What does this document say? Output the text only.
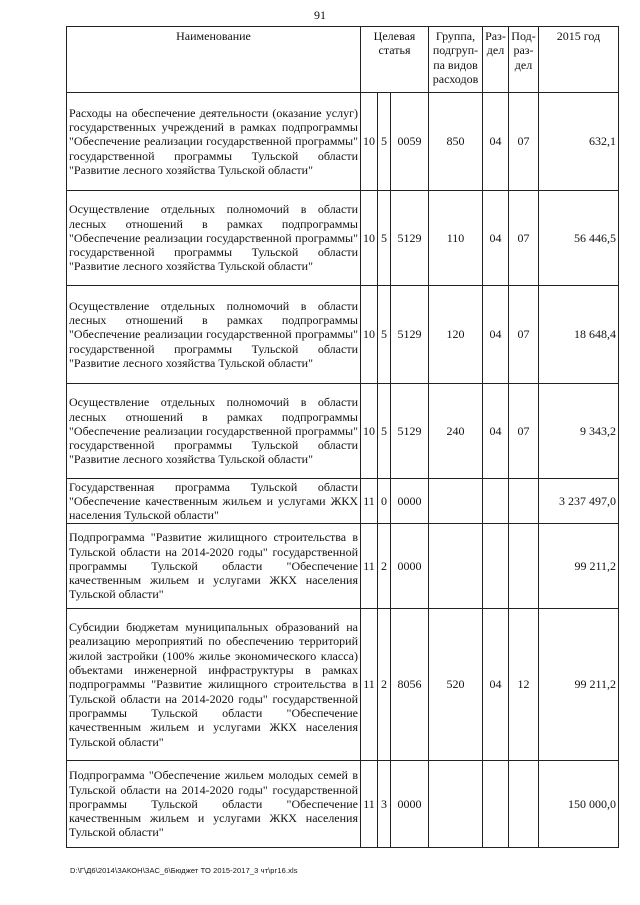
91
Наименование	Целевая статья			Группа, подгруп-па видов расходов	Раз-дел	Под-раз-дел	2015 год
Расходы на обеспечение деятельности (оказание услуг) государственных учреждений в рамках подпрограммы "Обеспечение реализации государственной программы" государственной программы Тульской области "Развитие лесного хозяйства Тульской области"	10	5	0059	850	04	07	632,1
Осуществление отдельных полномочий в области лесных отношений в рамках подпрограммы "Обеспечение реализации государственной программы" государственной программы Тульской области "Развитие лесного хозяйства Тульской области"	10	5	5129	110	04	07	56 446,5
Осуществление отдельных полномочий в области лесных отношений в рамках подпрограммы "Обеспечение реализации государственной программы" государственной программы Тульской области "Развитие лесного хозяйства Тульской области"	10	5	5129	120	04	07	18 648,4
Осуществление отдельных полномочий в области лесных отношений в рамках подпрограммы "Обеспечение реализации государственной программы" государственной программы Тульской области "Развитие лесного хозяйства Тульской области"	10	5	5129	240	04	07	9 343,2
Государственная программа Тульской области "Обеспечение качественным жильем и услугами ЖКХ населения Тульской области"	11	0	0000				3 237 497,0
Подпрограмма "Развитие жилищного строительства в Тульской области на 2014-2020 годы" государственной программы Тульской области "Обеспечение качественным жильем и услугами ЖКХ населения Тульской области"	11	2	0000				99 211,2
Субсидии бюджетам муниципальных образований на реализацию мероприятий по обеспечению территорий жилой застройки (100% жилье экономического класса) объектами инженерной инфраструктуры в рамках подпрограммы "Развитие жилищного строительства в Тульской области на 2014-2020 годы" государственной программы Тульской области "Обеспечение качественным жильем и услугами ЖКХ населения Тульской области"	11	2	8056	520	04	12	99 211,2
Подпрограмма "Обеспечение жильем молодых семей в Тульской области на 2014-2020 годы" государственной программы Тульской области "Обеспечение качественным жильем и услугами ЖКХ населения Тульской области"	11	3	0000				150 000,0
D:\Г\Д6\2014\ЗАКОН\ЗАС_6\Бюджет ТО 2015-2017_3 чт\рг16.xls
